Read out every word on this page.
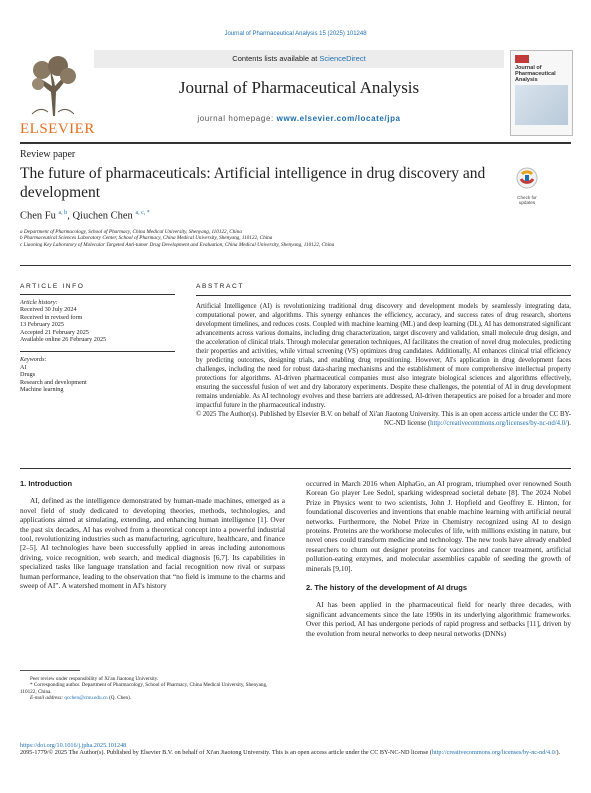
Journal of Pharmaceutical Analysis 15 (2025) 101248
ELSEVIER
Contents lists available at ScienceDirect
Journal of Pharmaceutical Analysis
journal homepage: www.elsevier.com/locate/jpa
Journal of Pharmaceutical Analysis
Review paper
The future of pharmaceuticals: Artificial intelligence in drug discovery and development	Check for updates
Chen Fu $^{a, b}$, Qiuchen Chen $^{a, c, *}$
a Department of Pharmacology, School of Pharmacy, China Medical University, Shenyang, 110122, China
b Pharmaceutical Sciences Laboratory Center, School of Pharmacy, China Medical University, Shenyang, 110122, China
c Liaoning Key Laboratory of Molecular Targeted Anti-tumor Drug Development and Evaluation, China Medical University, Shenyang, 110122, China
ARTICLE INFO
Article history:
Received 30 July 2024
Received in revised form
13 February 2025
Accepted 21 February 2025
Available online 26 February 2025
Keywords:
AI
Drugs
Research and development
Machine learning
ABSTRACT
Artificial Intelligence (AI) is revolutionizing traditional drug discovery and development models by seamlessly integrating data, computational power, and algorithms. This synergy enhances the efficiency, accuracy, and success rates of drug research, shortens development timelines, and reduces costs. Coupled with machine learning (ML) and deep learning (DL), AI has demonstrated significant advancements across various domains, including drug characterization, target discovery and validation, small molecule drug design, and the acceleration of clinical trials. Through molecular generation techniques, AI facilitates the creation of novel drug molecules, predicting their properties and activities, while virtual screening (VS) optimizes drug candidates. Additionally, AI enhances clinical trial efficiency by predicting outcomes, designing trials, and enabling drug repositioning. However, AI's application in drug development faces challenges, including the need for robust data-sharing mechanisms and the establishment of more comprehensive intellectual property protections for algorithms. AI-driven pharmaceutical companies must also integrate biological sciences and algorithms effectively, ensuring the successful fusion of wet and dry laboratory experiments. Despite these challenges, the potential of AI in drug development remains undeniable. As AI technology evolves and these barriers are addressed, AI-driven therapeutics are poised for a broader and more impactful future in the pharmaceutical industry.

© 2025 The Author(s). Published by Elsevier B.V. on behalf of Xi'an Jiaotong University. This is an open access article under the CC BY-NC-ND license (http://creativecommons.org/licenses/by-nc-nd/4.0/).

1. Introduction

AI, defined as the intelligence demonstrated by human-made machines, emerged as a novel field of study dedicated to developing theories, methods, technologies, and applications aimed at simulating, extending, and enhancing human intelligence [1]. Over the past six decades, AI has evolved from a theoretical concept into a powerful industrial tool, revolutionizing industries such as manufacturing, agriculture, healthcare, and finance [2–5]. AI technologies have been successfully applied in areas including autonomous driving, voice recognition, web search, and medical diagnosis [6,7]. Its capabilities in specialized tasks like language translation and facial recognition now rival or surpass human performance, leading to the observation that “no field is immune to the charms and sweep of AI”. A watershed moment in AI's history

occurred in March 2016 when AlphaGo, an AI program, triumphed over renowned South Korean Go player Lee Sedol, sparking widespread societal debate [8]. The 2024 Nobel Prize in Physics went to two scientists, John J. Hopfield and Geoffrey E. Hinton, for foundational discoveries and inventions that enable machine learning with artificial neural networks. Furthermore, the Nobel Prize in Chemistry recognized using AI to design proteins. Proteins are the workhorse molecules of life, with millions existing in nature, but novel ones could transform medicine and technology. The new tools have already enabled researchers to churn out designer proteins for vaccines and cancer treatment, artificial pollution-eating enzymes, and molecular assemblies capable of seeding the growth of minerals [9,10].

2. The history of the development of AI drugs

AI has been applied in the pharmaceutical field for nearly three decades, with significant advancements since the late 1990s in its underlying algorithmic frameworks. Over this period, AI has undergone periods of rapid progress and setbacks [11], driven by the evolution from neural networks to deep neural networks (DNNs)

Peer review under responsibility of Xi'an Jiaotong University.
* Corresponding author. Department of Pharmacology, School of Pharmacy, China Medical University, Shenyang, 110122, China.
E-mail address: qcchen@cmu.edu.cn (Q. Chen).
https://doi.org/10.1016/j.jpha.2025.101248
2095-1779/© 2025 The Author(s). Published by Elsevier B.V. on behalf of Xi'an Jiaotong University. This is an open access article under the CC BY-NC-ND license (http://creativecommons.org/licenses/by-nc-nd/4.0/).
